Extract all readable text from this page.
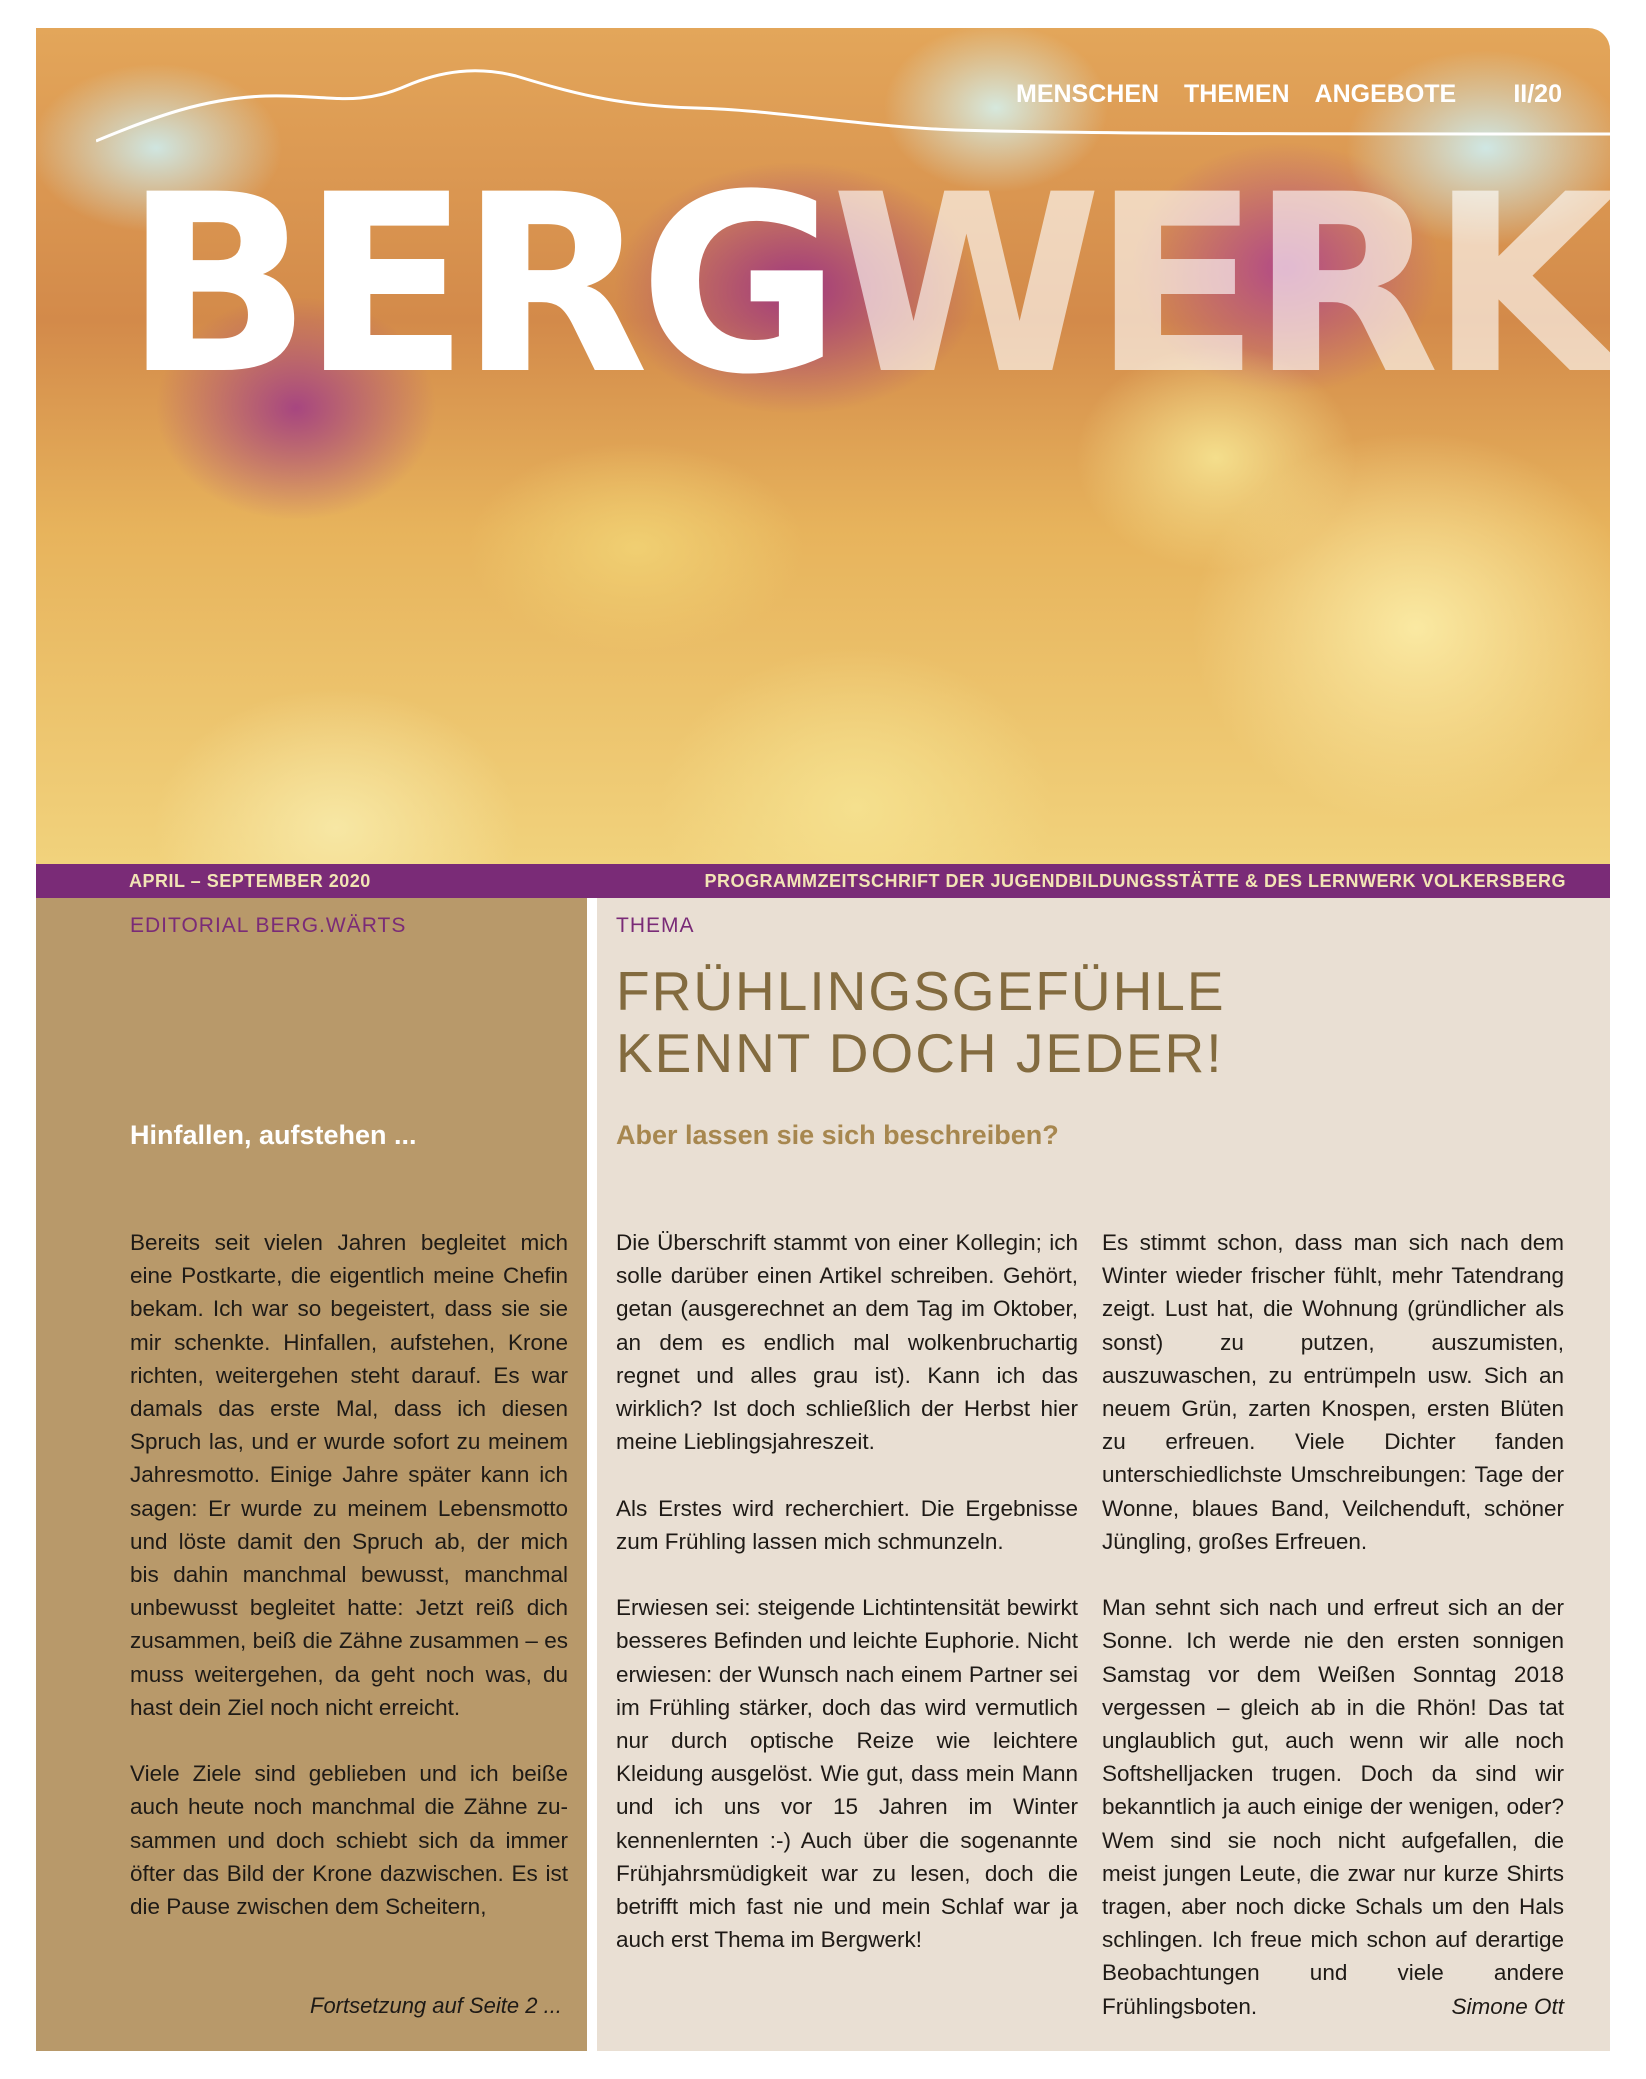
MENSCHEN THEMEN ANGEBOTE	II/20
BERGWERK
APRIL – SEPTEMBER 2020	PROGRAMMZEITSCHRIFT DER JUGENDBILDUNGSSTÄTTE & DES LERNWERK VOLKERSBERG
EDITORIAL BERG.WÄRTS
Hinfallen, aufstehen ...

Bereits seit vielen Jahren begleitet mich eine Postkarte, die eigentlich meine Chefin bekam. Ich war so begeistert, dass sie sie mir schenkte. Hinfallen, aufstehen, Krone richten, weitergehen steht darauf. Es war damals das erste Mal, dass ich diesen Spruch las, und er wurde sofort zu meinem Jahresmotto. Einige Jahre später kann ich sagen: Er wurde zu meinem Lebensmotto und löste damit den Spruch ab, der mich bis dahin manchmal bewusst, manchmal unbewusst begleitet hatte: Jetzt reiß dich zusammen, beiß die Zähne zusammen – es muss weitergehen, da geht noch was, du hast dein Ziel noch nicht erreicht.

Viele Ziele sind geblieben und ich beiße auch heute noch manchmal die Zähne zusammen und doch schiebt sich da immer öfter das Bild der Krone dazwischen. Es ist die Pause zwischen dem Scheitern,

Fortsetzung auf Seite 2 ...
THEMA
FRÜHLINGSGEFÜHLE
KENNT DOCH JEDER!
Aber lassen sie sich beschreiben?

Die Überschrift stammt von einer Kollegin; ich solle darüber einen Artikel schreiben. Gehört, getan (ausgerechnet an dem Tag im Oktober, an dem es endlich mal wolkenbruchartig regnet und alles grau ist). Kann ich das wirklich? Ist doch schließlich der Herbst hier meine Lieblingsjahreszeit.

Als Erstes wird recherchiert. Die Ergebnisse zum Frühling lassen mich schmunzeln.

Erwiesen sei: steigende Lichtintensität bewirkt besseres Befinden und leichte Euphorie. Nicht erwiesen: der Wunsch nach einem Partner sei im Frühling stärker, doch das wird vermutlich nur durch optische Reize wie leichtere Kleidung ausgelöst. Wie gut, dass mein Mann und ich uns vor 15 Jahren im Winter kennenlernten :-) Auch über die sogenannte Frühjahrsmüdigkeit war zu lesen, doch die betrifft mich fast nie und mein Schlaf war ja auch erst Thema im Bergwerk!

Es stimmt schon, dass man sich nach dem Winter wieder frischer fühlt, mehr Tatendrang zeigt. Lust hat, die Wohnung (gründlicher als sonst) zu putzen, auszumisten, auszuwaschen, zu entrümpeln usw. Sich an neuem Grün, zarten Knospen, ersten Blüten zu erfreuen. Viele Dichter fanden unterschiedlichste Umschreibungen: Tage der Wonne, blaues Band, Veilchenduft, schöner Jüngling, großes Erfreuen.

Man sehnt sich nach und erfreut sich an der Sonne. Ich werde nie den ersten sonnigen Samstag vor dem Weißen Sonntag 2018 vergessen – gleich ab in die Rhön! Das tat unglaublich gut, auch wenn wir alle noch Softshelljacken trugen. Doch da sind wir bekanntlich ja auch einige der wenigen, oder? Wem sind sie noch nicht aufgefallen, die meist jungen Leute, die zwar nur kurze Shirts tragen, aber noch dicke Schals um den Hals schlingen. Ich freue mich schon auf derartige Beobachtungen und viele andere Frühlingsboten.	Simone Ott
